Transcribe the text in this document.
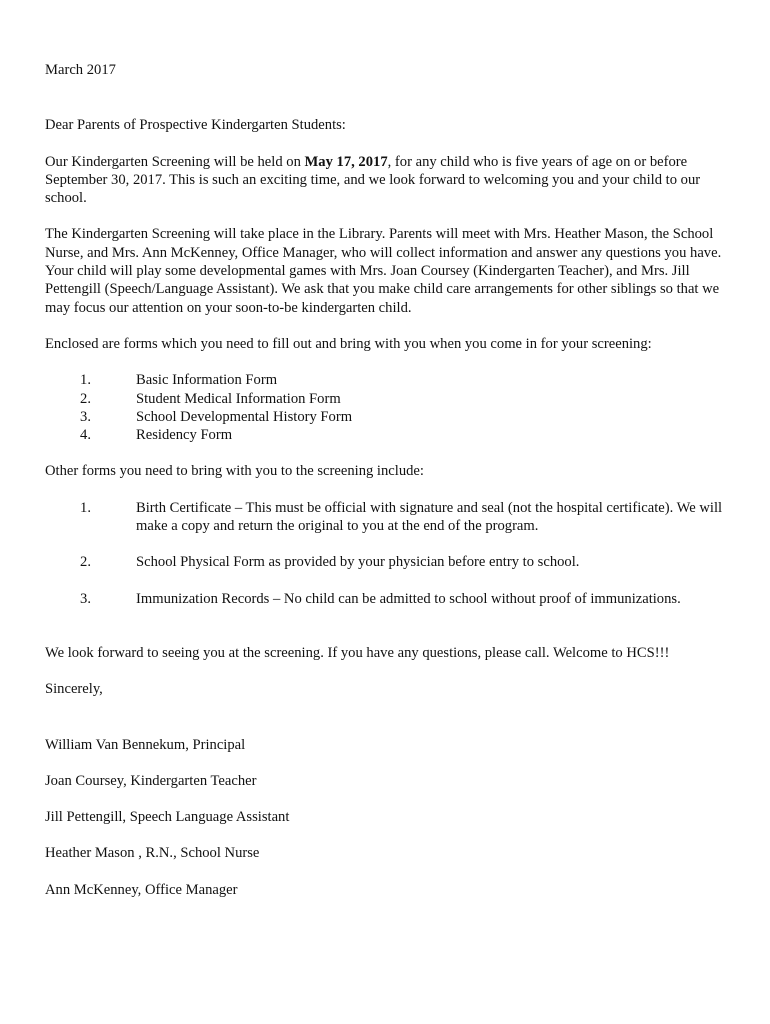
March 2017

Dear Parents of Prospective Kindergarten Students:

Our Kindergarten Screening will be held on May 17, 2017, for any child who is five years of age on or before September 30, 2017. This is such an exciting time, and we look forward to welcoming you and your child to our school.

The Kindergarten Screening will take place in the Library. Parents will meet with Mrs. Heather Mason, the School Nurse, and Mrs. Ann McKenney, Office Manager, who will collect information and answer any questions you have. Your child will play some developmental games with Mrs. Joan Coursey (Kindergarten Teacher), and Mrs. Jill Pettengill (Speech/Language Assistant). We ask that you make child care arrangements for other siblings so that we may focus our attention on your soon-to-be kindergarten child.

Enclosed are forms which you need to fill out and bring with you when you come in for your screening:

1.	Basic Information Form
2.	Student Medical Information Form
3.	School Developmental History Form
4.	Residency Form

Other forms you need to bring with you to the screening include:

1.	Birth Certificate – This must be official with signature and seal (not the hospital certificate). We will make a copy and return the original to you at the end of the program.
2.	School Physical Form as provided by your physician before entry to school.
3.	Immunization Records – No child can be admitted to school without proof of immunizations.

We look forward to seeing you at the screening. If you have any questions, please call. Welcome to HCS!!!

Sincerely,

William Van Bennekum, Principal

Joan Coursey, Kindergarten Teacher

Jill Pettengill, Speech Language Assistant

Heather Mason , R.N., School Nurse

Ann McKenney, Office Manager
